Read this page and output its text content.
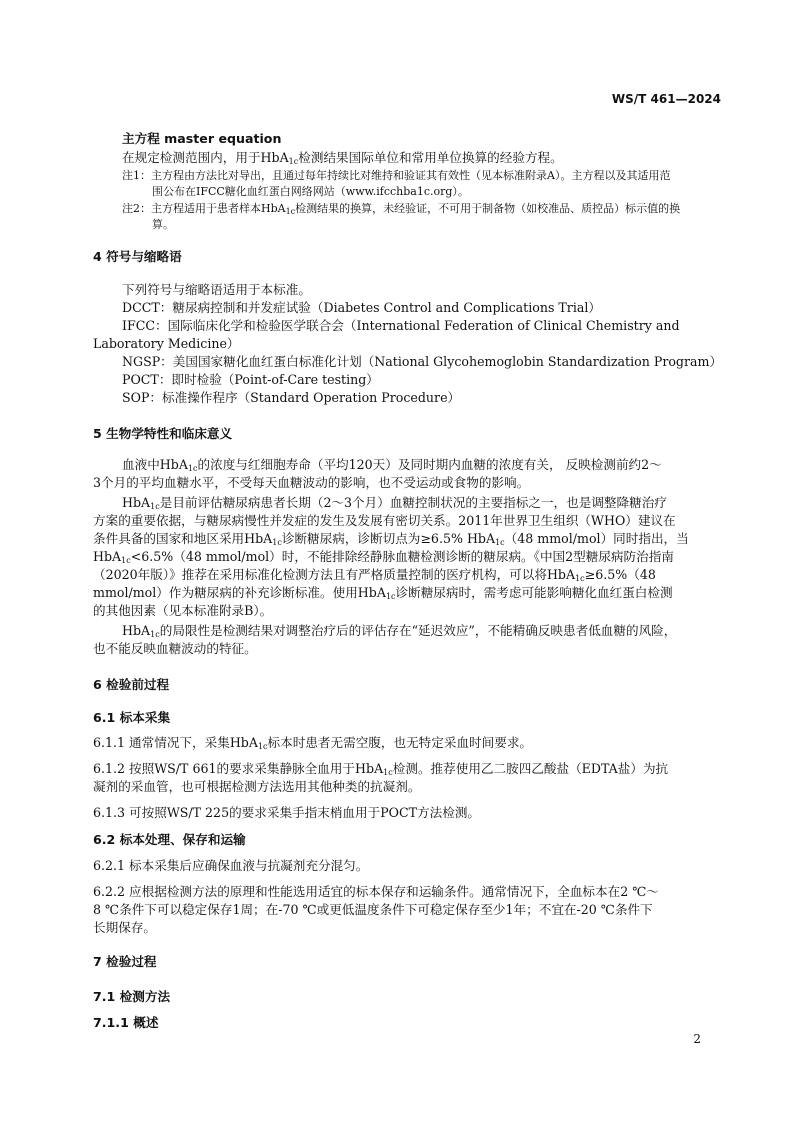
WS/T 461—2024
主方程 master equation
在规定检测范围内，用于HbA$_{1c}$检测结果国际单位和常用单位换算的经验方程。
注1：主方程由方法比对导出，且通过每年持续比对维持和验证其有效性（见本标准附录A）。主方程以及其适用范
围公布在IFCC糖化血红蛋白网络网站（www.ifcchba1c.org）。
注2：主方程适用于患者样本HbA$_{1c}$检测结果的换算，未经验证，不可用于制备物（如校准品、质控品）标示值的换
算。
4 符号与缩略语
下列符号与缩略语适用于本标准。
DCCT：糖尿病控制和并发症试验（Diabetes Control and Complications Trial）
IFCC：国际临床化学和检验医学联合会（International Federation of Clinical Chemistry and
Laboratory Medicine）
NGSP：美国国家糖化血红蛋白标准化计划（National Glycohemoglobin Standardization Program）
POCT：即时检验（Point-of-Care testing）
SOP：标准操作程序（Standard Operation Procedure）
5 生物学特性和临床意义
血液中HbA$_{1c}$的浓度与红细胞寿命（平均120天）及同时期内血糖的浓度有关， 反映检测前约2～
3个月的平均血糖水平，不受每天血糖波动的影响，也不受运动或食物的影响。
HbA$_{1c}$是目前评估糖尿病患者长期（2～3个月）血糖控制状况的主要指标之一，也是调整降糖治疗
方案的重要依据，与糖尿病慢性并发症的发生及发展有密切关系。2011年世界卫生组织（WHO）建议在
条件具备的国家和地区采用HbA$_{1c}$诊断糖尿病，诊断切点为≥6.5% HbA$_{1c}$（48 mmol/mol）同时指出，当
HbA$_{1c}$<6.5%（48 mmol/mol）时，不能排除经静脉血糖检测诊断的糖尿病。《中国2型糖尿病防治指南
（2020年版）》推荐在采用标准化检测方法且有严格质量控制的医疗机构，可以将HbA$_{1c}$≥6.5%（48
mmol/mol）作为糖尿病的补充诊断标准。使用HbA$_{1c}$诊断糖尿病时，需考虑可能影响糖化血红蛋白检测
的其他因素（见本标准附录B）。
HbA$_{1c}$的局限性是检测结果对调整治疗后的评估存在“延迟效应”，不能精确反映患者低血糖的风险，
也不能反映血糖波动的特征。
6 检验前过程
6.1 标本采集
6.1.1 通常情况下，采集HbA$_{1c}$标本时患者无需空腹，也无特定采血时间要求。
6.1.2 按照WS/T 661的要求采集静脉全血用于HbA$_{1c}$检测。推荐使用乙二胺四乙酸盐（EDTA盐）为抗
凝剂的采血管，也可根据检测方法选用其他种类的抗凝剂。
6.1.3 可按照WS/T 225的要求采集手指末梢血用于POCT方法检测。
6.2 标本处理、保存和运输
6.2.1 标本采集后应确保血液与抗凝剂充分混匀。
6.2.2 应根据检测方法的原理和性能选用适宜的标本保存和运输条件。通常情况下，全血标本在2 ℃～
8 ℃条件下可以稳定保存1周；在-70 ℃或更低温度条件下可稳定保存至少1年；不宜在-20 ℃条件下
长期保存。
7 检验过程
7.1 检测方法
7.1.1 概述
2
